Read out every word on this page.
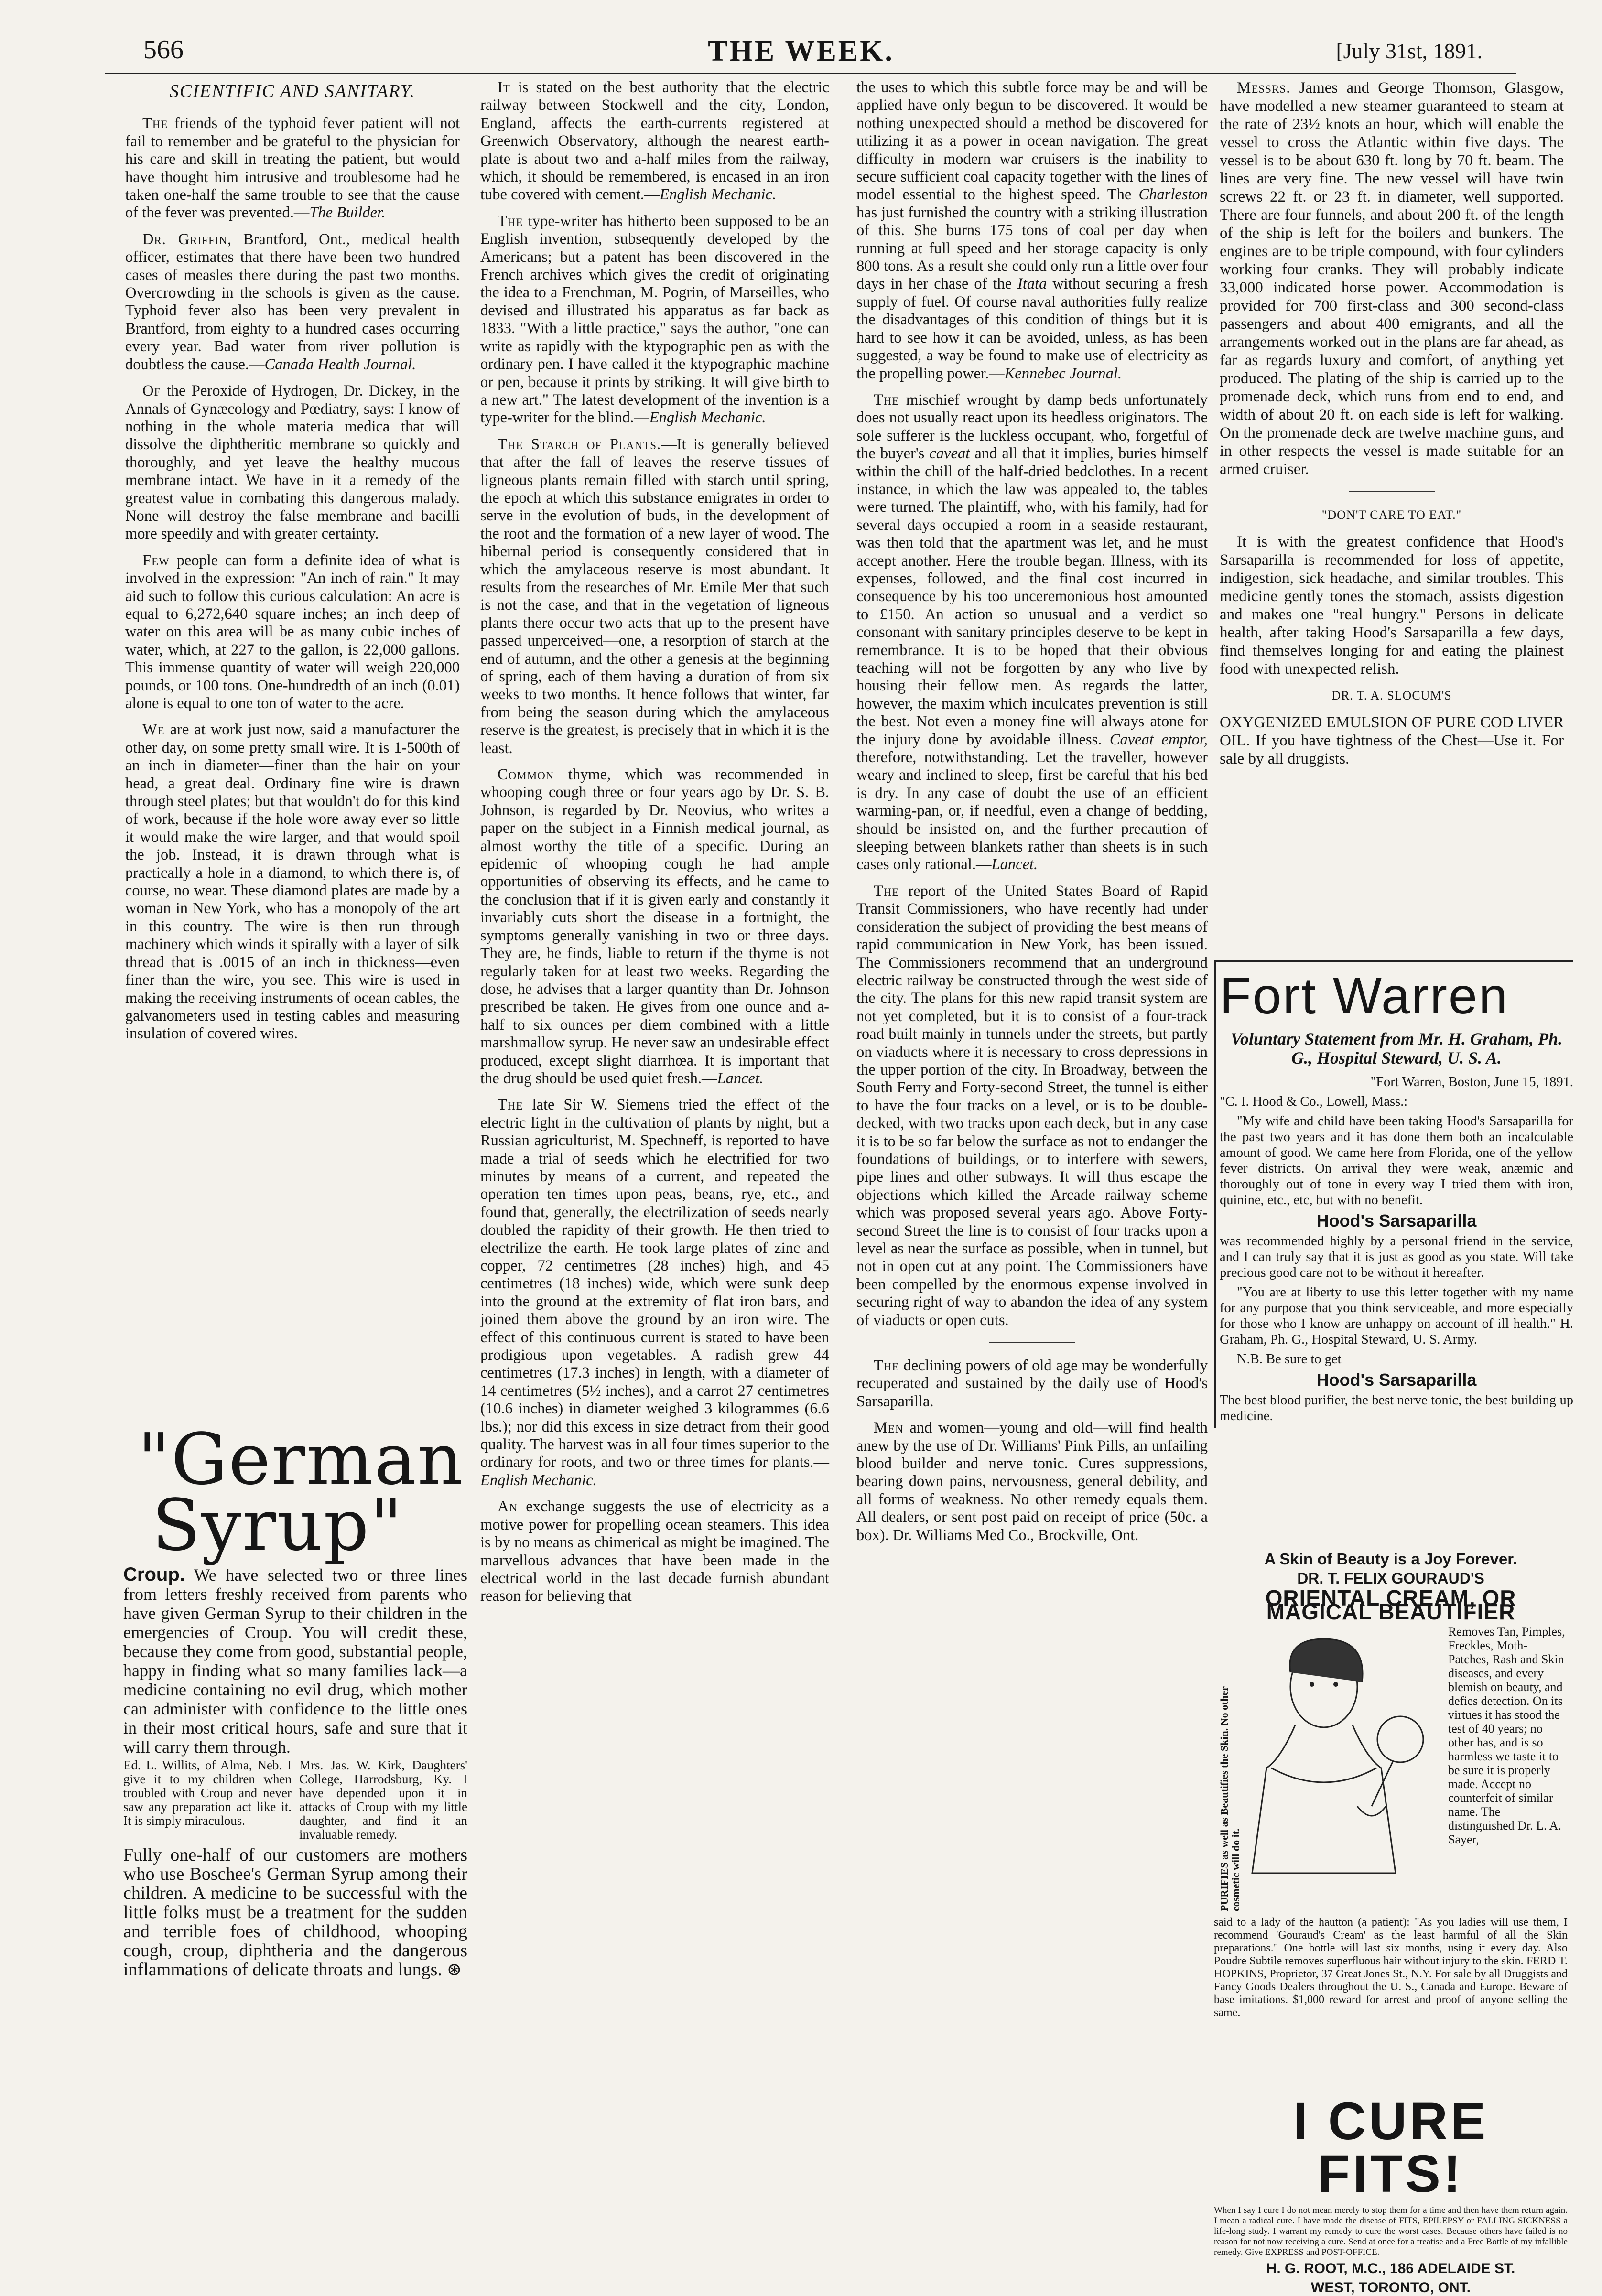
566	THE WEEK.	[July 31st, 1891.
SCIENTIFIC AND SANITARY.

The friends of the typhoid fever patient will not fail to remember and be grateful to the physician for his care and skill in treating the patient, but would have thought him intrusive and troublesome had he taken one-half the same trouble to see that the cause of the fever was prevented.—The Builder.

Dr. Griffin, Brantford, Ont., medical health officer, estimates that there have been two hundred cases of measles there during the past two months. Overcrowding in the schools is given as the cause. Typhoid fever also has been very prevalent in Brantford, from eighty to a hundred cases occurring every year. Bad water from river pollution is doubtless the cause.—Canada Health Journal.

Of the Peroxide of Hydrogen, Dr. Dickey, in the Annals of Gynæcology and Pœdiatry, says: I know of nothing in the whole materia medica that will dissolve the diphtheritic membrane so quickly and thoroughly, and yet leave the healthy mucous membrane intact. We have in it a remedy of the greatest value in combating this dangerous malady. None will destroy the false membrane and bacilli more speedily and with greater certainty.

Few people can form a definite idea of what is involved in the expression: "An inch of rain." It may aid such to follow this curious calculation: An acre is equal to 6,272,640 square inches; an inch deep of water on this area will be as many cubic inches of water, which, at 227 to the gallon, is 22,000 gallons. This immense quantity of water will weigh 220,000 pounds, or 100 tons. One-hundredth of an inch (0.01) alone is equal to one ton of water to the acre.

We are at work just now, said a manufacturer the other day, on some pretty small wire. It is 1-500th of an inch in diameter—finer than the hair on your head, a great deal. Ordinary fine wire is drawn through steel plates; but that wouldn't do for this kind of work, because if the hole wore away ever so little it would make the wire larger, and that would spoil the job. Instead, it is drawn through what is practically a hole in a diamond, to which there is, of course, no wear. These diamond plates are made by a woman in New York, who has a monopoly of the art in this country. The wire is then run through machinery which winds it spirally with a layer of silk thread that is .0015 of an inch in thickness—even finer than the wire, you see. This wire is used in making the receiving instruments of ocean cables, the galvanometers used in testing cables and measuring insulation of covered wires.

"German
Syrup"
Croup. We have selected two or three lines from letters freshly received from parents who have given German Syrup to their children in the emergencies of Croup. You will credit these, because they come from good, substantial people, happy in finding what so many families lack—a medicine containing no evil drug, which mother can administer with confidence to the little ones in their most critical hours, safe and sure that it will carry them through.
Ed. L. Willits, of Alma, Neb. I give it to my children when troubled with Croup and never saw any preparation act like it. It is simply miraculous.
Mrs. Jas. W. Kirk, Daughters' College, Harrodsburg, Ky. I have depended upon it in attacks of Croup with my little daughter, and find it an invaluable remedy.
Fully one-half of our customers are mothers who use Boschee's German Syrup among their children. A medicine to be successful with the little folks must be a treatment for the sudden and terrible foes of childhood, whooping cough, croup, diphtheria and the dangerous inflammations of delicate throats and lungs. ⊛

It is stated on the best authority that the electric railway between Stockwell and the city, London, England, affects the earth-currents registered at Greenwich Observatory, although the nearest earth-plate is about two and a-half miles from the railway, which, it should be remembered, is encased in an iron tube covered with cement.—English Mechanic.

The type-writer has hitherto been supposed to be an English invention, subsequently developed by the Americans; but a patent has been discovered in the French archives which gives the credit of originating the idea to a Frenchman, M. Pogrin, of Marseilles, who devised and illustrated his apparatus as far back as 1833. "With a little practice," says the author, "one can write as rapidly with the ktypographic pen as with the ordinary pen. I have called it the ktypographic machine or pen, because it prints by striking. It will give birth to a new art." The latest development of the invention is a type-writer for the blind.—English Mechanic.

The Starch of Plants.—It is generally believed that after the fall of leaves the reserve tissues of ligneous plants remain filled with starch until spring, the epoch at which this substance emigrates in order to serve in the evolution of buds, in the development of the root and the formation of a new layer of wood. The hibernal period is consequently considered that in which the amylaceous reserve is most abundant. It results from the researches of Mr. Emile Mer that such is not the case, and that in the vegetation of ligneous plants there occur two acts that up to the present have passed unperceived—one, a resorption of starch at the end of autumn, and the other a genesis at the beginning of spring, each of them having a duration of from six weeks to two months. It hence follows that winter, far from being the season during which the amylaceous reserve is the greatest, is precisely that in which it is the least.

Common thyme, which was recommended in whooping cough three or four years ago by Dr. S. B. Johnson, is regarded by Dr. Neovius, who writes a paper on the subject in a Finnish medical journal, as almost worthy the title of a specific. During an epidemic of whooping cough he had ample opportunities of observing its effects, and he came to the conclusion that if it is given early and constantly it invariably cuts short the disease in a fortnight, the symptoms generally vanishing in two or three days. They are, he finds, liable to return if the thyme is not regularly taken for at least two weeks. Regarding the dose, he advises that a larger quantity than Dr. Johnson prescribed be taken. He gives from one ounce and a-half to six ounces per diem combined with a little marshmallow syrup. He never saw an undesirable effect produced, except slight diarrhœa. It is important that the drug should be used quiet fresh.—Lancet.

The late Sir W. Siemens tried the effect of the electric light in the cultivation of plants by night, but a Russian agriculturist, M. Spechneff, is reported to have made a trial of seeds which he electrified for two minutes by means of a current, and repeated the operation ten times upon peas, beans, rye, etc., and found that, generally, the electrilization of seeds nearly doubled the rapidity of their growth. He then tried to electrilize the earth. He took large plates of zinc and copper, 72 centimetres (28 inches) high, and 45 centimetres (18 inches) wide, which were sunk deep into the ground at the extremity of flat iron bars, and joined them above the ground by an iron wire. The effect of this continuous current is stated to have been prodigious upon vegetables. A radish grew 44 centimetres (17.3 inches) in length, with a diameter of 14 centimetres (5½ inches), and a carrot 27 centimetres (10.6 inches) in diameter weighed 3 kilogrammes (6.6 lbs.); nor did this excess in size detract from their good quality. The harvest was in all four times superior to the ordinary for roots, and two or three times for plants.—English Mechanic.

An exchange suggests the use of electricity as a motive power for propelling ocean steamers. This idea is by no means as chimerical as might be imagined. The marvellous advances that have been made in the electrical world in the last decade furnish abundant reason for believing that

the uses to which this subtle force may be and will be applied have only begun to be discovered. It would be nothing unexpected should a method be discovered for utilizing it as a power in ocean navigation. The great difficulty in modern war cruisers is the inability to secure sufficient coal capacity together with the lines of model essential to the highest speed. The Charleston has just furnished the country with a striking illustration of this. She burns 175 tons of coal per day when running at full speed and her storage capacity is only 800 tons. As a result she could only run a little over four days in her chase of the Itata without securing a fresh supply of fuel. Of course naval authorities fully realize the disadvantages of this condition of things but it is hard to see how it can be avoided, unless, as has been suggested, a way be found to make use of electricity as the propelling power.—Kennebec Journal.

The mischief wrought by damp beds unfortunately does not usually react upon its heedless originators. The sole sufferer is the luckless occupant, who, forgetful of the buyer's caveat and all that it implies, buries himself within the chill of the half-dried bedclothes. In a recent instance, in which the law was appealed to, the tables were turned. The plaintiff, who, with his family, had for several days occupied a room in a seaside restaurant, was then told that the apartment was let, and he must accept another. Here the trouble began. Illness, with its expenses, followed, and the final cost incurred in consequence by his too unceremonious host amounted to £150. An action so unusual and a verdict so consonant with sanitary principles deserve to be kept in remembrance. It is to be hoped that their obvious teaching will not be forgotten by any who live by housing their fellow men. As regards the latter, however, the maxim which inculcates prevention is still the best. Not even a money fine will always atone for the injury done by avoidable illness. Caveat emptor, therefore, notwithstanding. Let the traveller, however weary and inclined to sleep, first be careful that his bed is dry. In any case of doubt the use of an efficient warming-pan, or, if needful, even a change of bedding, should be insisted on, and the further precaution of sleeping between blankets rather than sheets is in such cases only rational.—Lancet.

The report of the United States Board of Rapid Transit Commissioners, who have recently had under consideration the subject of providing the best means of rapid communication in New York, has been issued. The Commissioners recommend that an underground electric railway be constructed through the west side of the city. The plans for this new rapid transit system are not yet completed, but it is to consist of a four-track road built mainly in tunnels under the streets, but partly on viaducts where it is necessary to cross depressions in the upper portion of the city. In Broadway, between the South Ferry and Forty-second Street, the tunnel is either to have the four tracks on a level, or is to be double-decked, with two tracks upon each deck, but in any case it is to be so far below the surface as not to endanger the foundations of buildings, or to interfere with sewers, pipe lines and other subways. It will thus escape the objections which killed the Arcade railway scheme which was proposed several years ago. Above Forty-second Street the line is to consist of four tracks upon a level as near the surface as possible, when in tunnel, but not in open cut at any point. The Commissioners have been compelled by the enormous expense involved in securing right of way to abandon the idea of any system of viaducts or open cuts.

The declining powers of old age may be wonderfully recuperated and sustained by the daily use of Hood's Sarsaparilla.

Men and women—young and old—will find health anew by the use of Dr. Williams' Pink Pills, an unfailing blood builder and nerve tonic. Cures suppressions, bearing down pains, nervousness, general debility, and all forms of weakness. No other remedy equals them. All dealers, or sent post paid on receipt of price (50c. a box). Dr. Williams Med Co., Brockville, Ont.

Messrs. James and George Thomson, Glasgow, have modelled a new steamer guaranteed to steam at the rate of 23½ knots an hour, which will enable the vessel to cross the Atlantic within five days. The vessel is to be about 630 ft. long by 70 ft. beam. The lines are very fine. The new vessel will have twin screws 22 ft. or 23 ft. in diameter, well supported. There are four funnels, and about 200 ft. of the length of the ship is left for the boilers and bunkers. The engines are to be triple compound, with four cylinders working four cranks. They will probably indicate 33,000 indicated horse power. Accommodation is provided for 700 first-class and 300 second-class passengers and about 400 emigrants, and all the arrangements worked out in the plans are far ahead, as far as regards luxury and comfort, of anything yet produced. The plating of the ship is carried up to the promenade deck, which runs from end to end, and width of about 20 ft. on each side is left for walking. On the promenade deck are twelve machine guns, and in other respects the vessel is made suitable for an armed cruiser.

"DON'T CARE TO EAT."

It is with the greatest confidence that Hood's Sarsaparilla is recommended for loss of appetite, indigestion, sick headache, and similar troubles. This medicine gently tones the stomach, assists digestion and makes one "real hungry." Persons in delicate health, after taking Hood's Sarsaparilla a few days, find themselves longing for and eating the plainest food with unexpected relish.

DR. T. A. SLOCUM'S

OXYGENIZED EMULSION OF PURE COD LIVER OIL. If you have tightness of the Chest—Use it. For sale by all druggists.

Fort Warren
Voluntary Statement from Mr. H. Graham, Ph. G., Hospital Steward, U. S. A.

"Fort Warren, Boston, June 15, 1891.

"C. I. Hood & Co., Lowell, Mass.:

"My wife and child have been taking Hood's Sarsaparilla for the past two years and it has done them both an incalculable amount of good. We came here from Florida, one of the yellow fever districts. On arrival they were weak, anæmic and thoroughly out of tone in every way I tried them with iron, quinine, etc., etc, but with no benefit.

Hood's Sarsaparilla

was recommended highly by a personal friend in the service, and I can truly say that it is just as good as you state. Will take precious good care not to be without it hereafter.

"You are at liberty to use this letter together with my name for any purpose that you think serviceable, and more especially for those who I know are unhappy on account of ill health." H. Graham, Ph. G., Hospital Steward, U. S. Army.

N.B. Be sure to get

Hood's Sarsaparilla

The best blood purifier, the best nerve tonic, the best building up medicine.

A Skin of Beauty is a Joy Forever.
DR. T. FELIX GOURAUD'S
ORIENTAL CREAM, OR MAGICAL BEAUTIFIER
PURIFIES as well as Beautifies the Skin. No other cosmetic will do it.
Removes Tan, Pimples, Freckles, Moth-Patches, Rash and Skin diseases, and every blemish on beauty, and defies detection. On its virtues it has stood the test of 40 years; no other has, and is so harmless we taste it to be sure it is properly made. Accept no counterfeit of similar name. The distinguished Dr. L. A. Sayer,
said to a lady of the hautton (a patient): "As you ladies will use them, I recommend 'Gouraud's Cream' as the least harmful of all the Skin preparations." One bottle will last six months, using it every day. Also Poudre Subtile removes superfluous hair without injury to the skin. FERD T. HOPKINS, Proprietor, 37 Great Jones St., N.Y. For sale by all Druggists and Fancy Goods Dealers throughout the U. S., Canada and Europe. Beware of base imitations. $1,000 reward for arrest and proof of anyone selling the same.
I CURE FITS!
When I say I cure I do not mean merely to stop them for a time and then have them return again. I mean a radical cure. I have made the disease of FITS, EPILEPSY or FALLING SICKNESS a life-long study. I warrant my remedy to cure the worst cases. Because others have failed is no reason for not now receiving a cure. Send at once for a treatise and a Free Bottle of my infallible remedy. Give EXPRESS and POST-OFFICE.
H. G. ROOT, M.C., 186 ADELAIDE ST.
WEST, TORONTO, ONT.
